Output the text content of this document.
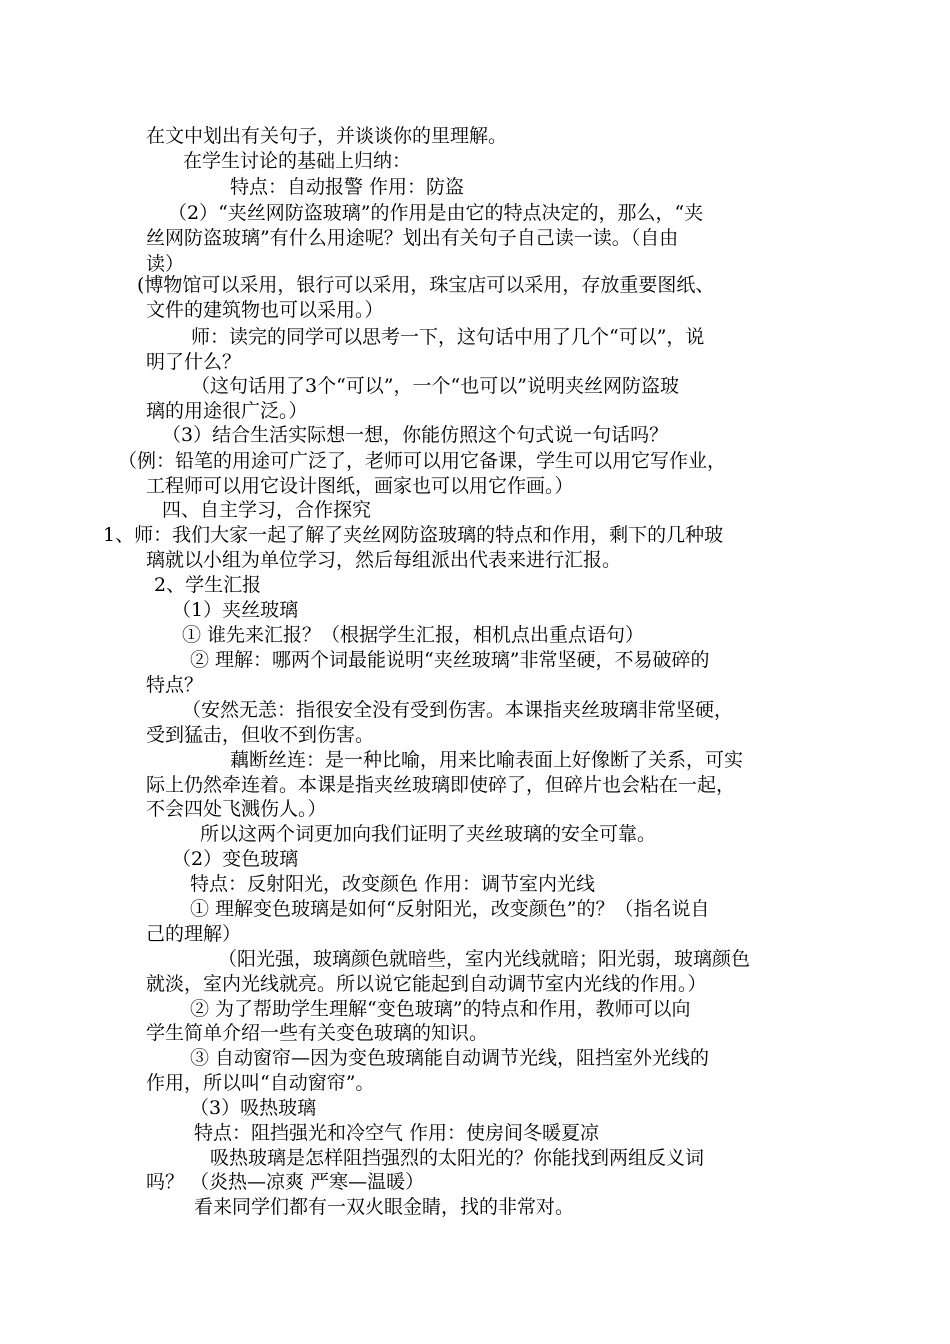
在文中划出有关句子，并谈谈你的里理解。
在学生讨论的基础上归纳：
特点：自动报警 作用：防盗
（2）“夹丝网防盗玻璃”的作用是由它的特点决定的，那么，“夹
丝网防盗玻璃”有什么用途呢？划出有关句子自己读一读。（自由
读）
(博物馆可以采用，银行可以采用，珠宝店可以采用，存放重要图纸、
文件的建筑物也可以采用。）
师：读完的同学可以思考一下，这句话中用了几个“可以”，说
明了什么？
（这句话用了3个“可以”，一个“也可以”说明夹丝网防盗玻
璃的用途很广泛。）
（3）结合生活实际想一想，你能仿照这个句式说一句话吗？
（例：铅笔的用途可广泛了，老师可以用它备课，学生可以用它写作业，
工程师可以用它设计图纸，画家也可以用它作画。）
四、自主学习，合作探究
1、师：我们大家一起了解了夹丝网防盗玻璃的特点和作用，剩下的几种玻
璃就以小组为单位学习，然后每组派出代表来进行汇报。
2、学生汇报
（1）夹丝玻璃
① 谁先来汇报？（根据学生汇报，相机点出重点语句）
② 理解：哪两个词最能说明“夹丝玻璃”非常坚硬，不易破碎的
特点？
（安然无恙：指很安全没有受到伤害。本课指夹丝玻璃非常坚硬，
受到猛击，但收不到伤害。
藕断丝连：是一种比喻，用来比喻表面上好像断了关系，可实
际上仍然牵连着。本课是指夹丝玻璃即使碎了，但碎片也会粘在一起，
不会四处飞溅伤人。）
所以这两个词更加向我们证明了夹丝玻璃的安全可靠。
（2）变色玻璃
特点：反射阳光，改变颜色 作用：调节室内光线
① 理解变色玻璃是如何“反射阳光，改变颜色”的？（指名说自
己的理解）
（阳光强，玻璃颜色就暗些，室内光线就暗；阳光弱，玻璃颜色
就淡，室内光线就亮。所以说它能起到自动调节室内光线的作用。）
② 为了帮助学生理解“变色玻璃”的特点和作用，教师可以向
学生简单介绍一些有关变色玻璃的知识。
③ 自动窗帘—因为变色玻璃能自动调节光线，阻挡室外光线的
作用，所以叫“自动窗帘”。
（3）吸热玻璃
特点：阻挡强光和冷空气 作用：使房间冬暖夏凉
吸热玻璃是怎样阻挡强烈的太阳光的？你能找到两组反义词
吗？ （炎热—凉爽 严寒—温暖）
看来同学们都有一双火眼金睛，找的非常对。
